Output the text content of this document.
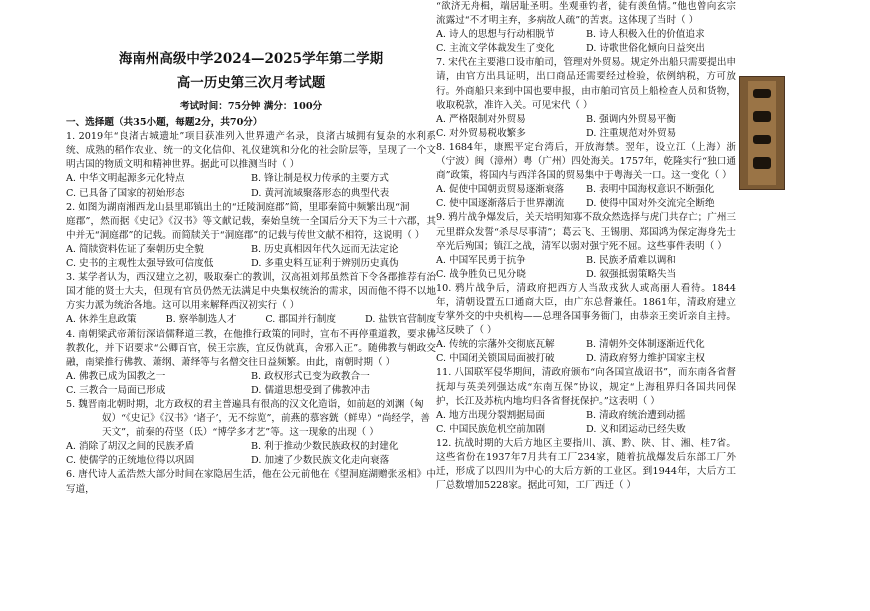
海南州高级中学2024—2025学年第二学期
高一历史第三次月考试题
考试时间：75分钟 满分：100分
一、选择题（共35小题，每题2分，共70分）

1. 2019年“良渚古城遗址”项目获准列入世界遗产名录，良渚古城拥有复杂的水利系统、成熟的稻作农业、统一的文化信仰、礼仪建筑和分化的社会阶层等，呈现了一个文明古国的物质文明和精神世界。据此可以推测当时（ ）

A. 中华文明起源多元化特点	B. 锋让制是权力传承的主要方式
C. 已具备了国家的初始形态	D. 黄河流域聚落形态的典型代表

2. 如图为湖南湘西龙山县里耶镇出土的“迁陵洞庭郡”简，里耶秦简中频繁出现“洞

庭郡”，然而据《史记》《汉书》等文献记载，秦始皇统一全国后分天下为三十六郡，其中并无“洞庭郡”的记载。而简牍关于“洞庭郡”的记载与传世文献不相符，这说明（ ）

A. 简牍资料佐证了秦朝历史全貌	B. 历史真相因年代久远而无法定论
C. 史书的主观性太强导致可信度低	D. 多重史料互证利于辨别历史真伪

3. 某学者认为，西汉建立之初，吸取秦亡的教训，汉高祖刘邦虽然首下令各郡推荐有治国才能的贤士大夫，但现有官员仍然无法满足中央集权统治的需求，因而他不得不以地方实力派为统治各地。这可以用来解释西汉初实行（ ）

A. 休养生息政策	B. 察举制选人才	C. 郡国并行制度	D. 盐铁官营制度

4. 南朝梁武帝萧衍深谙儒释道三教，在他推行政策的同时，宣布不再停重道教，要求佛教教化，并下诏要求“公卿百官，侯王宗族，宜反伪就真，舍邪入正”。随佛教与朝政交融，南梁推行佛教、萧纲、萧绎等与名僧交往日益频繁。由此，南朝时期（ ）

A. 佛教已成为国教之一	B. 政权形式已变为政教合一
C. 三教合一局面已形成	D. 儒道思想受到了佛教冲击

5. 魏晋南北朝时期，北方政权的君主普遍具有很高的汉文化造诣，如前赵的刘渊（匈

奴）“《史记》《汉书》‘诸子’，无不综览”，前燕的慕容皝（鲜卑）“尚经学，善

天文”，前秦的苻坚（氐）“博学多才艺”等。这一现象的出现（ ）

A. 消除了胡汉之间的民族矛盾	B. 利于推动少数民族政权的封建化
C. 使儒学的正统地位得以巩固	D. 加速了少数民族文化走向衰落

6. 唐代诗人孟浩然大部分时间在家隐居生活，他在公元前他在《望洞庭湖赠张丞相》中写道，

“欲济无舟楫，端居耻圣明。坐观垂钓者，徒有羡鱼情。”他也曾向玄宗流露过“不才明主弃，多病故人疏”的苦衷。这体现了当时（ ）

A. 诗人的思想与行动相脱节	B. 诗人积极入仕的价值追求
C. 主流文学体裁发生了变化	D. 诗歌世俗化倾向日益突出

7. 宋代在主要港口设市舶司，管理对外贸易。规定外出船只需要提出申请，由官方出具证明，出口商品还需要经过检验，依例纳税，方可放行。外商船只来到中国也要申报，由市舶司官员上船检查人员和货物，收取税款，准许入关。可见宋代（ ）

A. 严格限制对外贸易	B. 强调内外贸易平衡
C. 对外贸易税收繁多	D. 注重规范对外贸易

8. 1684年，康熙平定台湾后，开放海禁。翌年，设立江（上海）浙（宁波）闽（漳州）粤（广州）四处海关。1757年，乾隆实行“独口通商”政策，将国内与西洋各国的贸易集中于粤海关一口。这一变化（ ）

A. 促使中国朝贡贸易逐渐衰落	B. 表明中国海权意识不断强化
C. 使中国逐渐落后于世界潮流	D. 使得中国对外交流完全断绝

9. 鸦片战争爆发后，关天培明知寡不敌众然选择与虎门共存亡；广州三元里群众发誓“杀尽尽事清”；葛云飞、王锡朋、郑国鸿为保定海身先士卒光后殉国；镇江之战，清军以弱对强宁死不屈。这些事件表明（ ）

A. 中国军民勇于抗争	B. 民族矛盾难以调和
C. 战争胜负已见分晓	D. 叙强抵弱策略失当

10. 鸦片战争后，清政府把西方人当敌戎狄人或高丽人看待。1844年，清朝设置五口通商大臣，由广东总督兼任。1861年，清政府建立专掌外交的中央机构——总理各国事务衙门，由恭亲王奕䜣亲自主持。这反映了（ ）

A. 传统的宗藩外交彻底瓦解	B. 清朝外交体制逐渐近代化
C. 中国闭关锁国局面被打破	D. 清政府努力维护国家主权

11. 八国联军侵华期间，清政府颁布“向各国宣战诏书”，而东南各省督抚却与英美列强达成“东南互保”协议，规定“上海租界归各国共同保护，长江及苏杭内地均归各省督抚保护。”这表明（ ）

A. 地方出现分裂割据局面	B. 清政府统治遭到动摇
C. 中国民族危机空前加剧	D. 义和团运动已经失败

12. 抗战时期的大后方地区主要指川、滇、黔、陕、甘、湘、桂7省。这些省份在1937年7月共有工厂234家，随着抗战爆发后东部工厂外迁，形成了以四川为中心的大后方新的工业区。到1944年，大后方工厂总数增加5228家。据此可知，工厂西迁（ ）
